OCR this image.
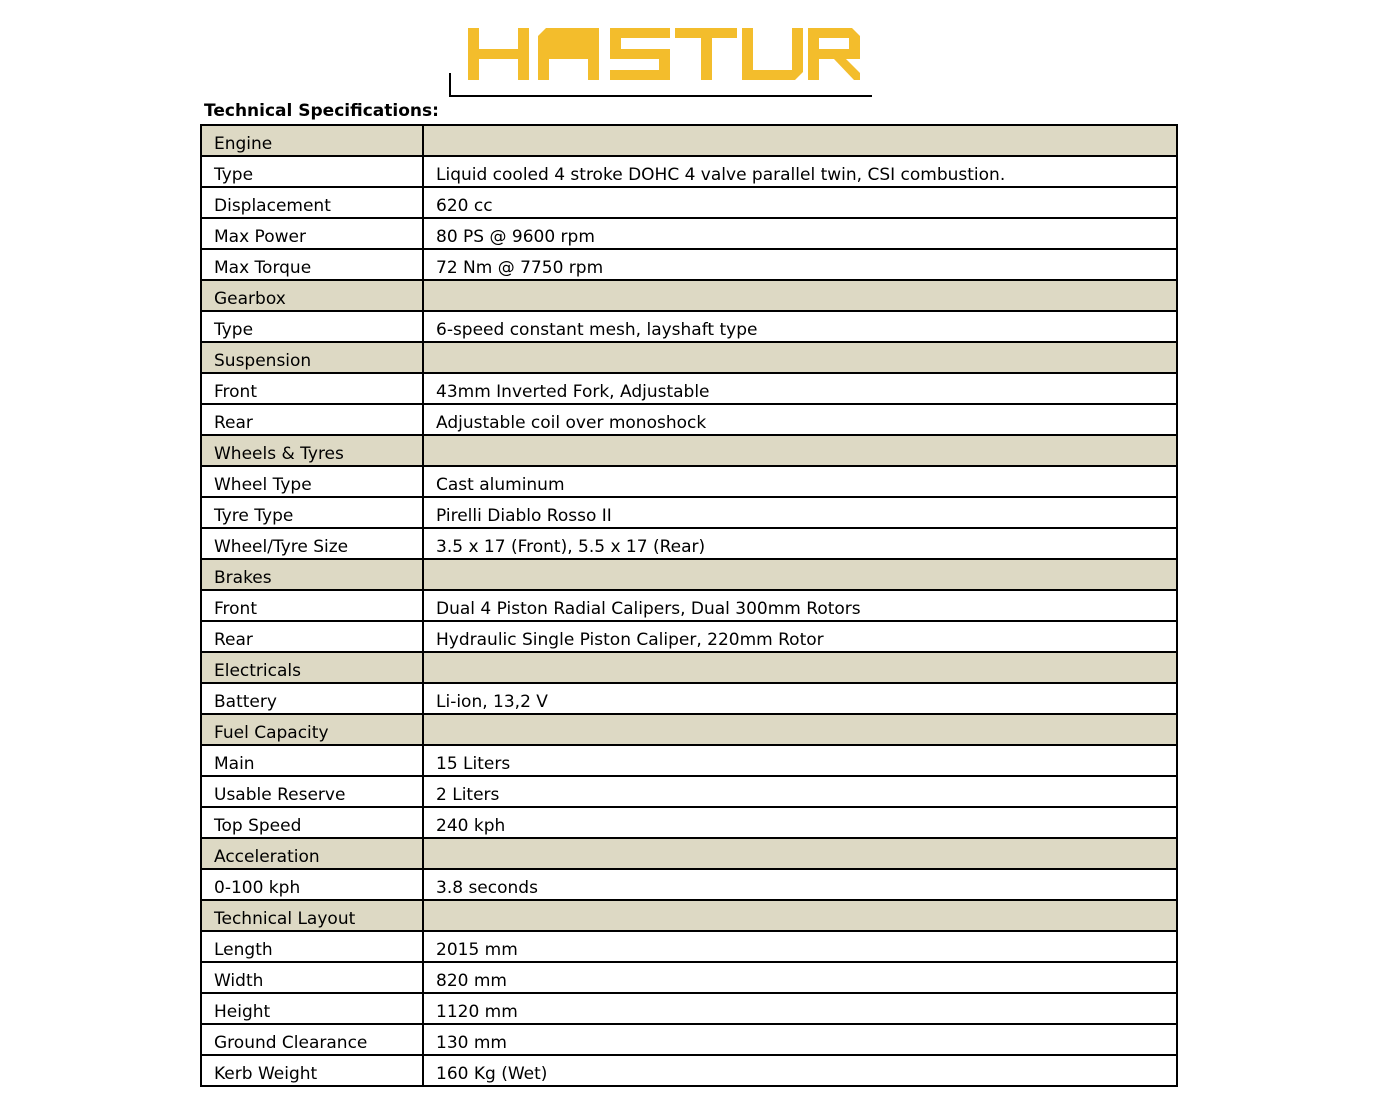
Technical Specifications:
Engine	
Type	Liquid cooled 4 stroke DOHC 4 valve parallel twin, CSI combustion.
Displacement	620 cc
Max Power	80 PS @ 9600 rpm
Max Torque	72 Nm @ 7750 rpm
Gearbox	
Type	6-speed constant mesh, layshaft type
Suspension	
Front	43mm Inverted Fork, Adjustable
Rear	Adjustable coil over monoshock
Wheels & Tyres	
Wheel Type	Cast aluminum
Tyre Type	Pirelli Diablo Rosso II
Wheel/Tyre Size	3.5 x 17 (Front), 5.5 x 17 (Rear)
Brakes	
Front	Dual 4 Piston Radial Calipers, Dual 300mm Rotors
Rear	Hydraulic Single Piston Caliper, 220mm Rotor
Electricals	
Battery	Li-ion, 13,2 V
Fuel Capacity	
Main	15 Liters
Usable Reserve	2 Liters
Top Speed	240 kph
Acceleration	
0-100 kph	3.8 seconds
Technical Layout	
Length	2015 mm
Width	820 mm
Height	1120 mm
Ground Clearance	130 mm
Kerb Weight	160 Kg (Wet)
